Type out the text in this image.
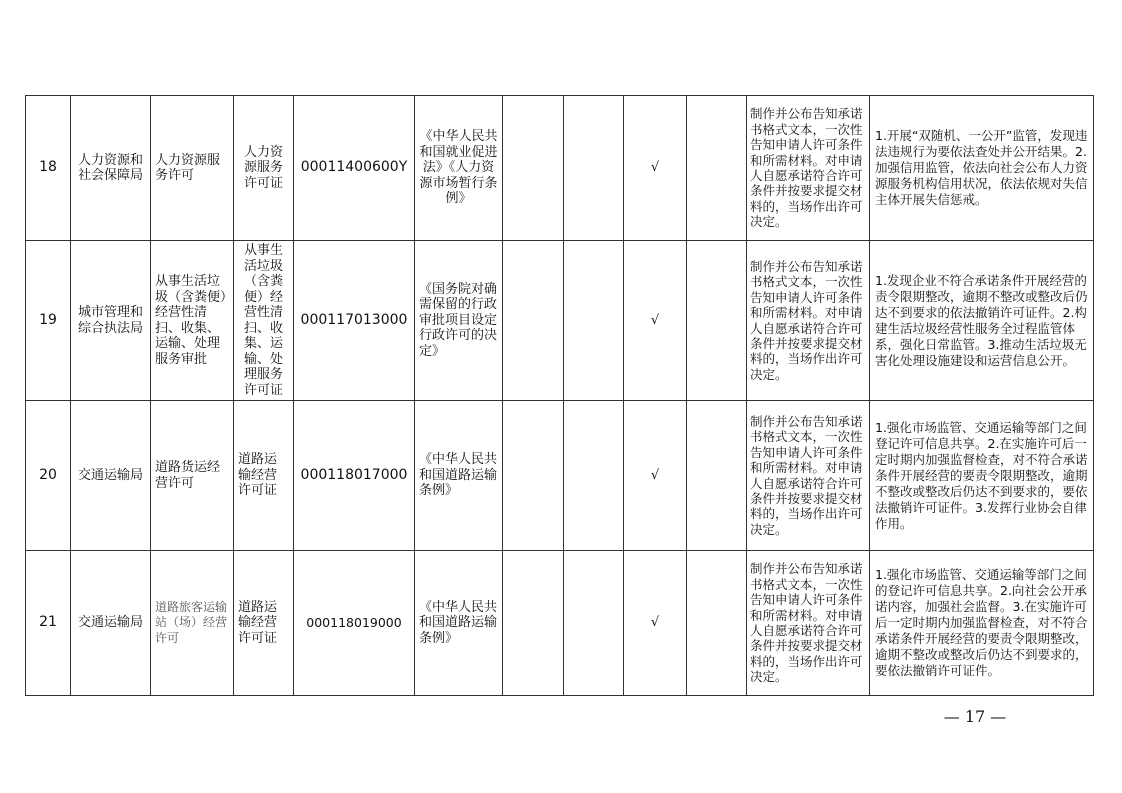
18	人力资源和社会保障局	人力资源服务许可	人力资源服务许可证	00011400600Y	《中华人民共和国就业促进法》《人力资源市场暂行条例》			√		制作并公布告知承诺书格式文本，一次性告知申请人许可条件和所需材料。对申请人自愿承诺符合许可条件并按要求提交材料的，当场作出许可决定。	1.开展“双随机、一公开”监管，发现违法违规行为要依法查处并公开结果。2.加强信用监管，依法向社会公布人力资源服务机构信用状况，依法依规对失信主体开展失信惩戒。
19	城市管理和综合执法局	从事生活垃圾（含粪便）经营性清扫、收集、运输、处理服务审批	从事生活垃圾（含粪便）经营性清扫、收集、运输、处理服务许可证	000117013000	《国务院对确需保留的行政审批项目设定行政许可的决定》			√		制作并公布告知承诺书格式文本，一次性告知申请人许可条件和所需材料。对申请人自愿承诺符合许可条件并按要求提交材料的，当场作出许可决定。	1.发现企业不符合承诺条件开展经营的责令限期整改，逾期不整改或整改后仍达不到要求的依法撤销许可证件。2.构建生活垃圾经营性服务全过程监管体系，强化日常监管。3.推动生活垃圾无害化处理设施建设和运营信息公开。
20	交通运输局	道路货运经营许可	道路运输经营许可证	000118017000	《中华人民共和国道路运输条例》			√		制作并公布告知承诺书格式文本，一次性告知申请人许可条件和所需材料。对申请人自愿承诺符合许可条件并按要求提交材料的，当场作出许可决定。	1.强化市场监管、交通运输等部门之间登记许可信息共享。2.在实施许可后一定时期内加强监督检查，对不符合承诺条件开展经营的要责令限期整改，逾期不整改或整改后仍达不到要求的，要依法撤销许可证件。3.发挥行业协会自律作用。
21	交通运输局	道路旅客运输站（场）经营许可	道路运输经营许可证	000118019000	《中华人民共和国道路运输条例》			√		制作并公布告知承诺书格式文本，一次性告知申请人许可条件和所需材料。对申请人自愿承诺符合许可条件并按要求提交材料的，当场作出许可决定。	1.强化市场监管、交通运输等部门之间的登记许可信息共享。2.向社会公开承诺内容，加强社会监督。3.在实施许可后一定时期内加强监督检查，对不符合承诺条件开展经营的要责令限期整改，逾期不整改或整改后仍达不到要求的，要依法撤销许可证件。
— 17 —
